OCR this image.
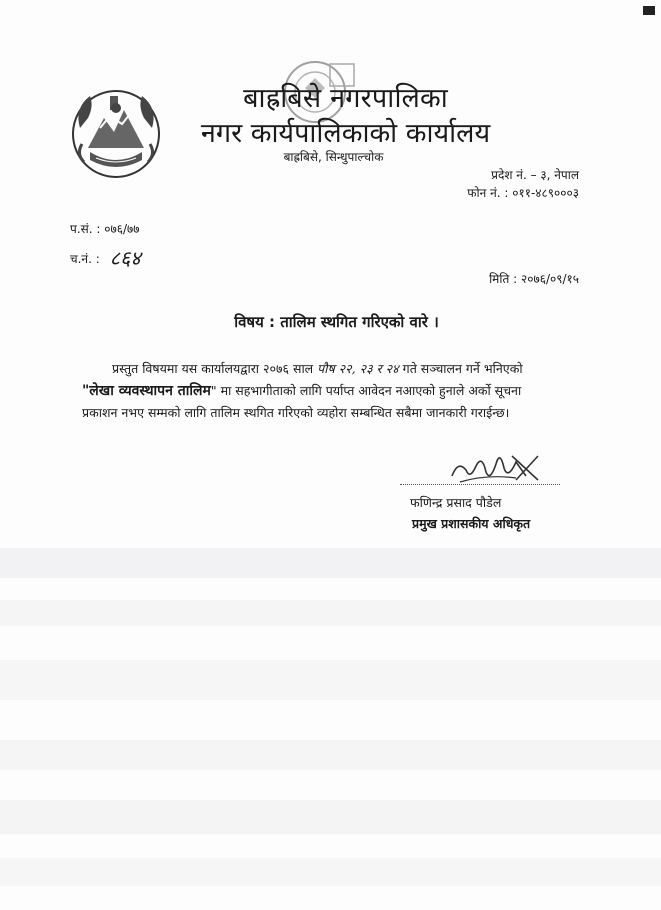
बाह्रबिसे नगरपालिका
नगर कार्यपालिकाको कार्यालय
बाह्रबिसे, सिन्धुपाल्चोक
प्रदेश नं. – ३, नेपाल
फोन नं. : ०११-४८९०००३
प.सं. : ०७६/७७
च.नं. : ८६४
मिति : २०७६/०९/१५
विषय : तालिम स्थगित गरिएको वारे ।
प्रस्तुत विषयमा यस कार्यालयद्वारा २०७६ साल पौष २२, २३ र २४ गते सञ्चालन गर्ने भनिएको
"लेखा व्यवस्थापन तालिम" मा सहभागीताको लागि पर्याप्त आवेदन नआएको हुनाले अर्को सूचना
प्रकाशन नभए सम्मको लागि तालिम स्थगित गरिएको व्यहोरा सम्बन्धित सबैमा जानकारी गराईन्छ।
फणिन्द्र प्रसाद पौडेल
प्रमुख प्रशासकीय अधिकृत
